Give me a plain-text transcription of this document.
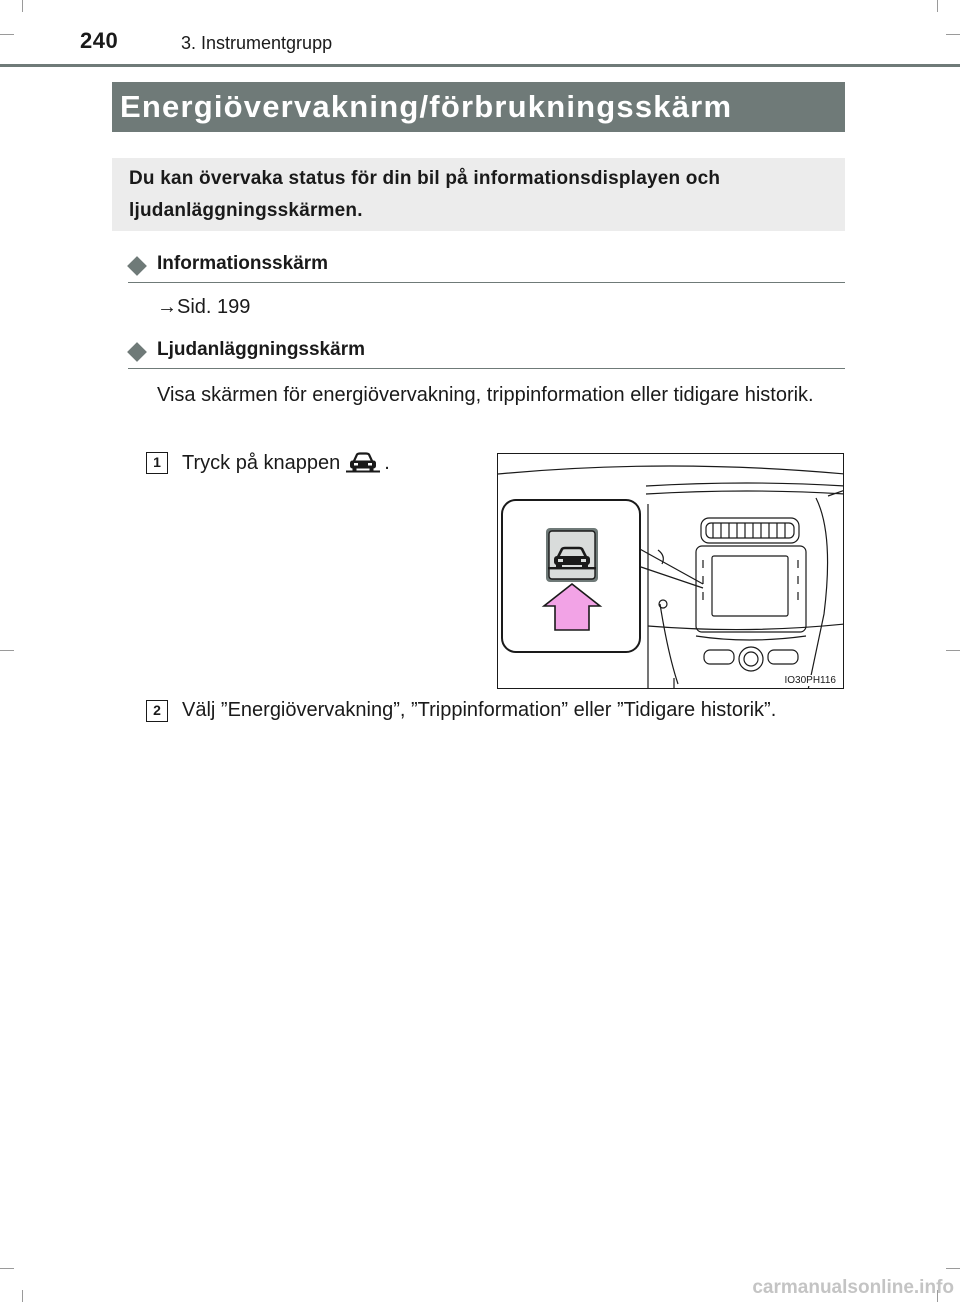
240	3. Instrumentgrupp
Energiövervakning/förbrukningsskärm
Du kan övervaka status för din bil på informationsdisplayen och ljudanläggningsskärmen.
Informationsskärm
→Sid. 199
Ljudanläggningsskärm
Visa skärmen för energiövervakning, trippinformation eller tidigare historik.
1	Tryck på knappen .
IO30PH116
2	Välj ”Energiövervakning”, ”Trippinformation” eller ”Tidigare historik”.
carmanualsonline.info
